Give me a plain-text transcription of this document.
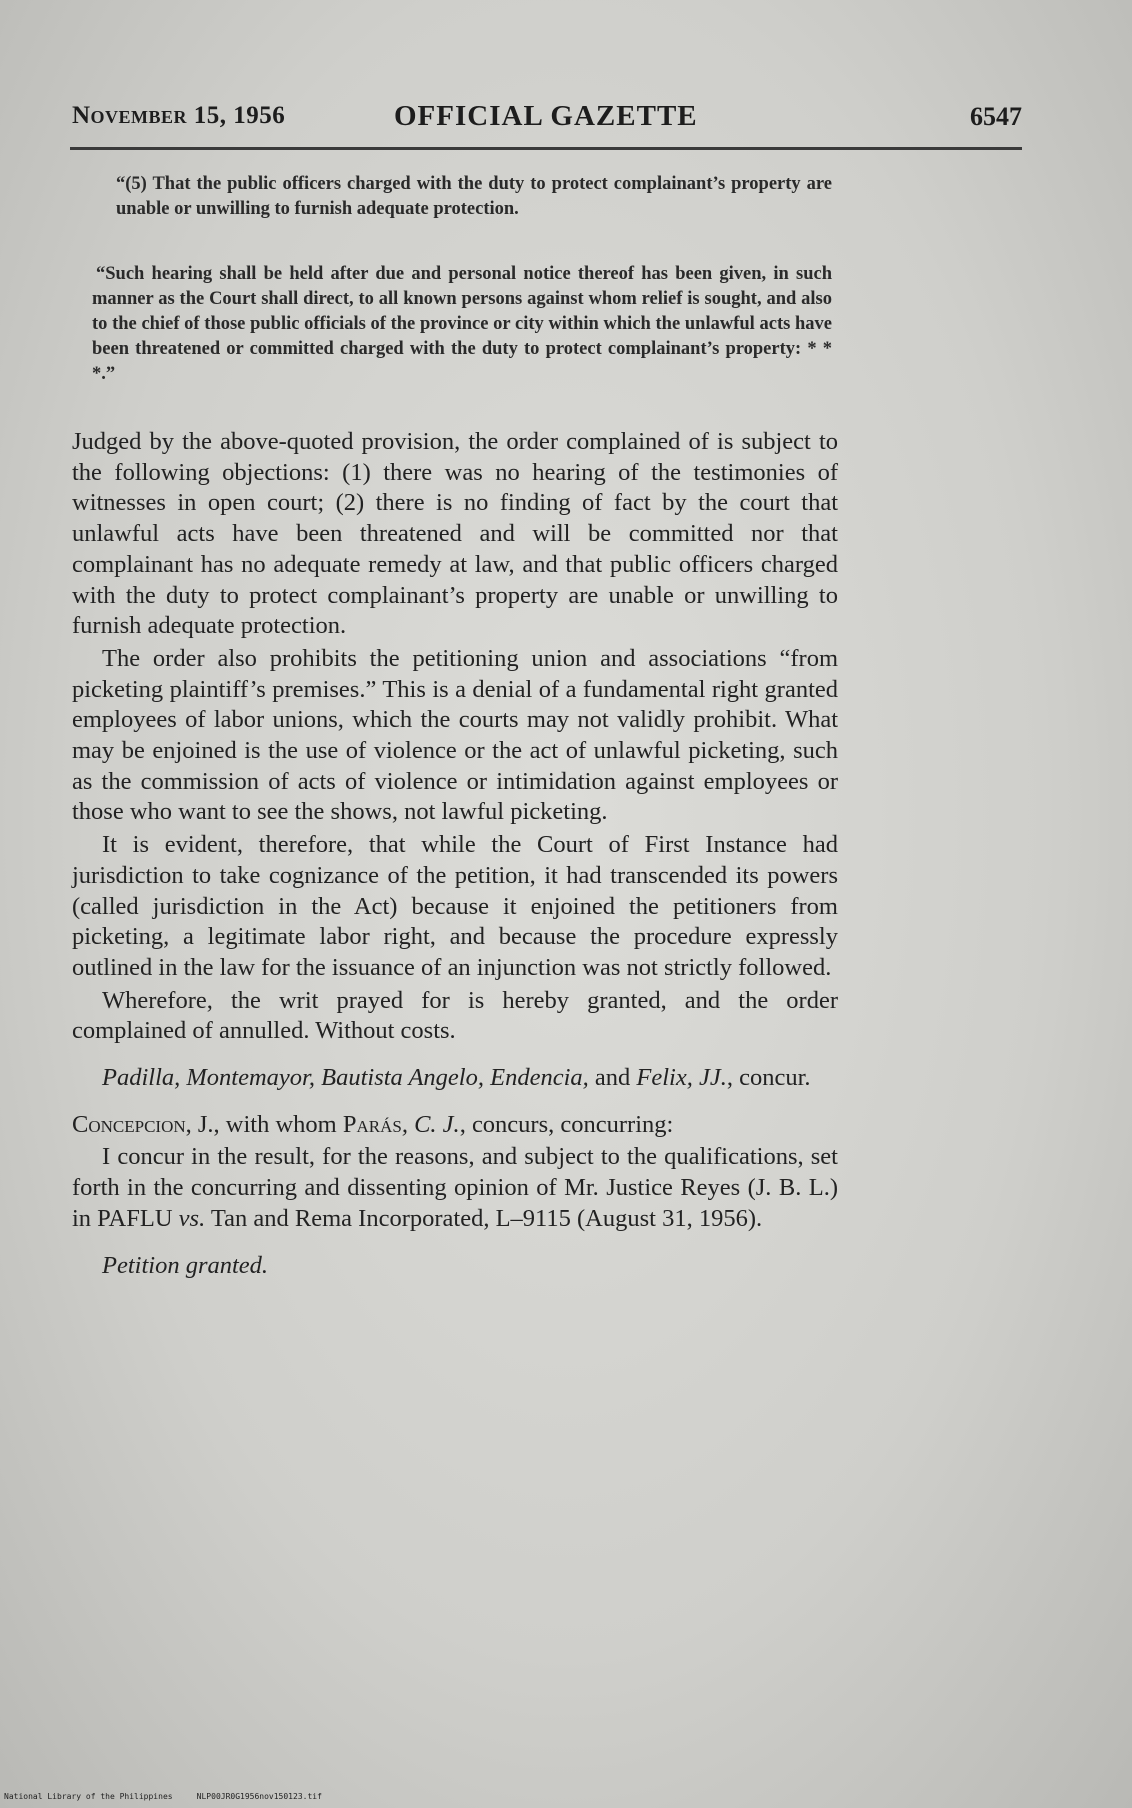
November 15, 1956	OFFICIAL GAZETTE	6547

“(5) That the public officers charged with the duty to protect complainant’s property are unable or unwilling to furnish adequate protection.

“Such hearing shall be held after due and personal notice thereof has been given, in such manner as the Court shall direct, to all known persons against whom relief is sought, and also to the chief of those public officials of the province or city within which the unlawful acts have been threatened or committed charged with the duty to protect complainant’s property: * * *.”

Judged by the above-quoted provision, the order complained of is subject to the following objections: (1) there was no hearing of the testimonies of witnesses in open court; (2) there is no finding of fact by the court that unlawful acts have been threatened and will be committed nor that complainant has no adequate remedy at law, and that public officers charged with the duty to protect complainant’s property are unable or unwilling to furnish adequate protection.

The order also prohibits the petitioning union and associations “from picketing plaintiff’s premises.” This is a denial of a fundamental right granted employees of labor unions, which the courts may not validly prohibit. What may be enjoined is the use of violence or the act of unlawful picketing, such as the commission of acts of violence or intimidation against employees or those who want to see the shows, not lawful picketing.

It is evident, therefore, that while the Court of First Instance had jurisdiction to take cognizance of the petition, it had transcended its powers (called jurisdiction in the Act) because it enjoined the petitioners from picketing, a legitimate labor right, and because the procedure expressly outlined in the law for the issuance of an injunction was not strictly followed.

Wherefore, the writ prayed for is hereby granted, and the order complained of annulled. Without costs.

Padilla, Montemayor, Bautista Angelo, Endencia, and Felix, JJ., concur.

Concepcion, J., with whom Parás, C. J., concurs, concurring:

I concur in the result, for the reasons, and subject to the qualifications, set forth in the concurring and dissenting opinion of Mr. Justice Reyes (J. B. L.) in PAFLU vs. Tan and Rema Incorporated, L–9115 (August 31, 1956).

Petition granted.

National Library of the Philippines	NLP00JR0G1956nov150123.tif
